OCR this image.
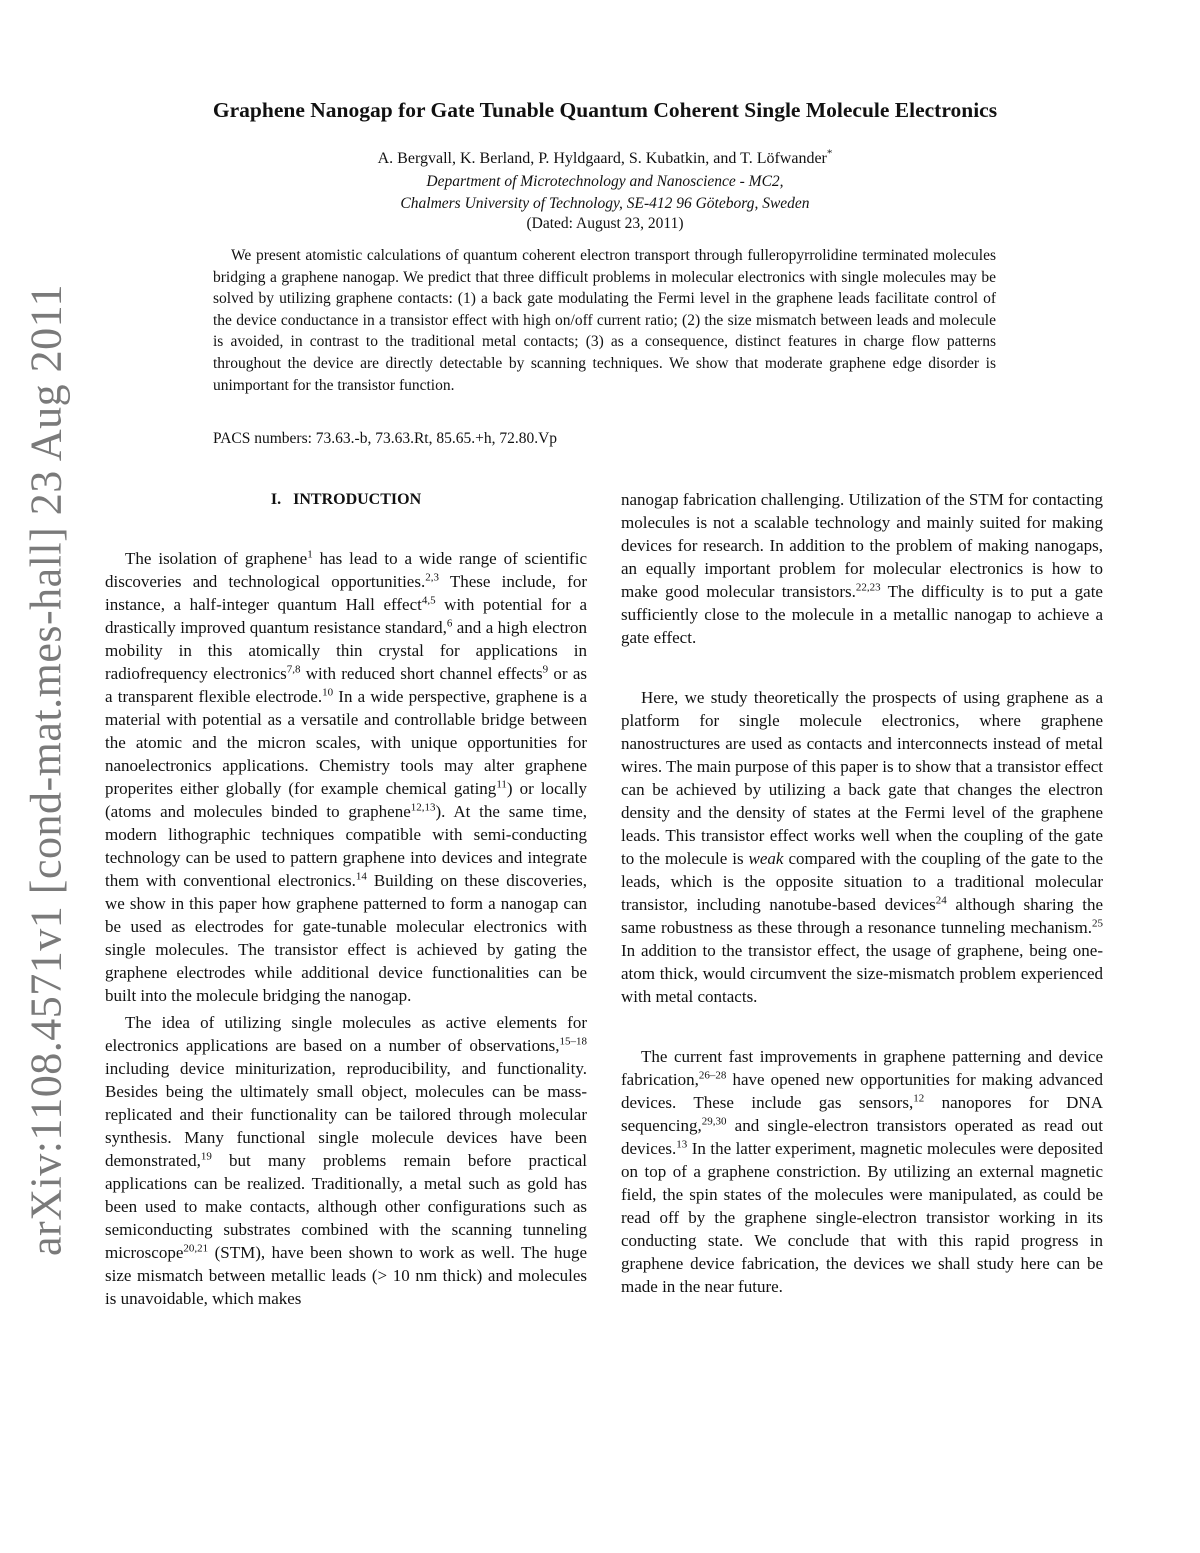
arXiv:1108.4571v1 [cond-mat.mes-hall] 23 Aug 2011
Graphene Nanogap for Gate Tunable Quantum Coherent Single Molecule Electronics
A. Bergvall, K. Berland, P. Hyldgaard, S. Kubatkin, and T. Löfwander*
Department of Microtechnology and Nanoscience - MC2,
Chalmers University of Technology, SE-412 96 Göteborg, Sweden
(Dated: August 23, 2011)

We present atomistic calculations of quantum coherent electron transport through fulleropyrrolidine terminated molecules bridging a graphene nanogap. We predict that three difficult problems in molecular electronics with single molecules may be solved by utilizing graphene contacts: (1) a back gate modulating the Fermi level in the graphene leads facilitate control of the device conductance in a transistor effect with high on/off current ratio; (2) the size mismatch between leads and molecule is avoided, in contrast to the traditional metal contacts; (3) as a consequence, distinct features in charge flow patterns throughout the device are directly detectable by scanning techniques. We show that moderate graphene edge disorder is unimportant for the transistor function.

PACS numbers: 73.63.-b, 73.63.Rt, 85.65.+h, 72.80.Vp
I. INTRODUCTION

The isolation of graphene$^1$ has lead to a wide range of scientific discoveries and technological opportunities.$^{2,3}$ These include, for instance, a half-integer quantum Hall effect$^{4,5}$ with potential for a drastically improved quantum resistance standard,$^6$ and a high electron mobility in this atomically thin crystal for applications in radiofrequency electronics$^{7,8}$ with reduced short channel effects$^9$ or as a transparent flexible electrode.$^{10}$ In a wide perspective, graphene is a material with potential as a versatile and controllable bridge between the atomic and the micron scales, with unique opportunities for nanoelectronics applications. Chemistry tools may alter graphene properites either globally (for example chemical gating$^{11}$) or locally (atoms and molecules binded to graphene$^{12,13}$). At the same time, modern lithographic techniques compatible with semi-conducting technology can be used to pattern graphene into devices and integrate them with conventional electronics.$^{14}$ Building on these discoveries, we show in this paper how graphene patterned to form a nanogap can be used as electrodes for gate-tunable molecular electronics with single molecules. The transistor effect is achieved by gating the graphene electrodes while additional device functionalities can be built into the molecule bridging the nanogap.

The idea of utilizing single molecules as active elements for electronics applications are based on a number of observations,$^{15-18}$ including device miniturization, reproducibility, and functionality. Besides being the ultimately small object, molecules can be mass-replicated and their functionality can be tailored through molecular synthesis. Many functional single molecule devices have been demonstrated,$^{19}$ but many problems remain before practical applications can be realized. Traditionally, a metal such as gold has been used to make contacts, although other configurations such as semiconducting substrates combined with the scanning tunneling microscope$^{20,21}$ (STM), have been shown to work as well. The huge size mismatch between metallic leads (> 10 nm thick) and molecules is unavoidable, which makes

nanogap fabrication challenging. Utilization of the STM for contacting molecules is not a scalable technology and mainly suited for making devices for research. In addition to the problem of making nanogaps, an equally important problem for molecular electronics is how to make good molecular transistors.$^{22,23}$ The difficulty is to put a gate sufficiently close to the molecule in a metallic nanogap to achieve a gate effect.

Here, we study theoretically the prospects of using graphene as a platform for single molecule electronics, where graphene nanostructures are used as contacts and interconnects instead of metal wires. The main purpose of this paper is to show that a transistor effect can be achieved by utilizing a back gate that changes the electron density and the density of states at the Fermi level of the graphene leads. This transistor effect works well when the coupling of the gate to the molecule is weak compared with the coupling of the gate to the leads, which is the opposite situation to a traditional molecular transistor, including nanotube-based devices$^{24}$ although sharing the same robustness as these through a resonance tunneling mechanism.$^{25}$ In addition to the transistor effect, the usage of graphene, being one-atom thick, would circumvent the size-mismatch problem experienced with metal contacts.

The current fast improvements in graphene patterning and device fabrication,$^{26-28}$ have opened new opportunities for making advanced devices. These include gas sensors,$^{12}$ nanopores for DNA sequencing,$^{29,30}$ and single-electron transistors operated as read out devices.$^{13}$ In the latter experiment, magnetic molecules were deposited on top of a graphene constriction. By utilizing an external magnetic field, the spin states of the molecules were manipulated, as could be read off by the graphene single-electron transistor working in its conducting state. We conclude that with this rapid progress in graphene device fabrication, the devices we shall study here can be made in the near future.
